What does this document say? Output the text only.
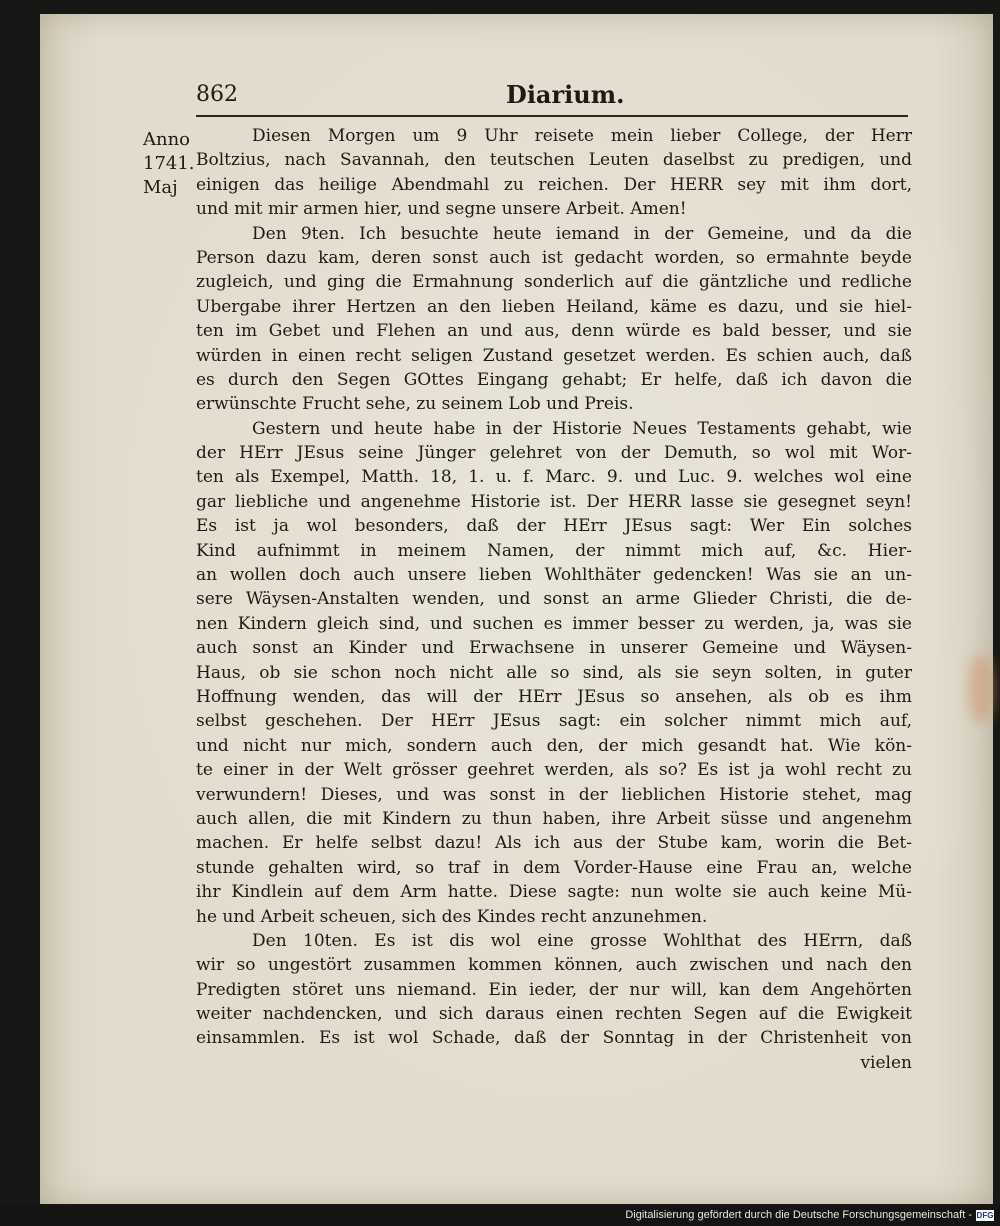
862	Diarium.
Anno
1741.
Maj
Diesen Morgen um 9 Uhr reisete mein lieber College, der Herr
Boltzius, nach Savannah, den teutschen Leuten daselbst zu predigen, und
einigen das heilige Abendmahl zu reichen. Der HERR sey mit ihm dort,
und mit mir armen hier, und segne unsere Arbeit. Amen!
Den 9ten. Ich besuchte heute iemand in der Gemeine, und da die
Person dazu kam, deren sonst auch ist gedacht worden, so ermahnte beyde
zugleich, und ging die Ermahnung sonderlich auf die gäntzliche und redliche
Ubergabe ihrer Hertzen an den lieben Heiland, käme es dazu, und sie hiel-
ten im Gebet und Flehen an und aus, denn würde es bald besser, und sie
würden in einen recht seligen Zustand gesetzet werden. Es schien auch, daß
es durch den Segen GOttes Eingang gehabt; Er helfe, daß ich davon die
erwünschte Frucht sehe, zu seinem Lob und Preis.
Gestern und heute habe in der Historie Neues Testaments gehabt, wie
der HErr JEsus seine Jünger gelehret von der Demuth, so wol mit Wor-
ten als Exempel, Matth. 18, 1. u. f. Marc. 9. und Luc. 9. welches wol eine
gar liebliche und angenehme Historie ist. Der HERR lasse sie gesegnet seyn!
Es ist ja wol besonders, daß der HErr JEsus sagt: Wer Ein solches
Kind aufnimmt in meinem Namen, der nimmt mich auf, &c. Hier-
an wollen doch auch unsere lieben Wohlthäter gedencken! Was sie an un-
sere Wäysen-Anstalten wenden, und sonst an arme Glieder Christi, die de-
nen Kindern gleich sind, und suchen es immer besser zu werden, ja, was sie
auch sonst an Kinder und Erwachsene in unserer Gemeine und Wäysen-
Haus, ob sie schon noch nicht alle so sind, als sie seyn solten, in guter
Hoffnung wenden, das will der HErr JEsus so ansehen, als ob es ihm
selbst geschehen. Der HErr JEsus sagt: ein solcher nimmt mich auf,
und nicht nur mich, sondern auch den, der mich gesandt hat. Wie kön-
te einer in der Welt grösser geehret werden, als so? Es ist ja wohl recht zu
verwundern! Dieses, und was sonst in der lieblichen Historie stehet, mag
auch allen, die mit Kindern zu thun haben, ihre Arbeit süsse und angenehm
machen. Er helfe selbst dazu! Als ich aus der Stube kam, worin die Bet-
stunde gehalten wird, so traf in dem Vorder-Hause eine Frau an, welche
ihr Kindlein auf dem Arm hatte. Diese sagte: nun wolte sie auch keine Mü-
he und Arbeit scheuen, sich des Kindes recht anzunehmen.
Den 10ten. Es ist dis wol eine grosse Wohlthat des HErrn, daß
wir so ungestört zusammen kommen können, auch zwischen und nach den
Predigten störet uns niemand. Ein ieder, der nur will, kan dem Angehörten
weiter nachdencken, und sich daraus einen rechten Segen auf die Ewigkeit
einsammlen. Es ist wol Schade, daß der Sonntag in der Christenheit von
vielen
Digitalisierung gefördert durch die Deutsche Forschungsgemeinschaft - DFG
